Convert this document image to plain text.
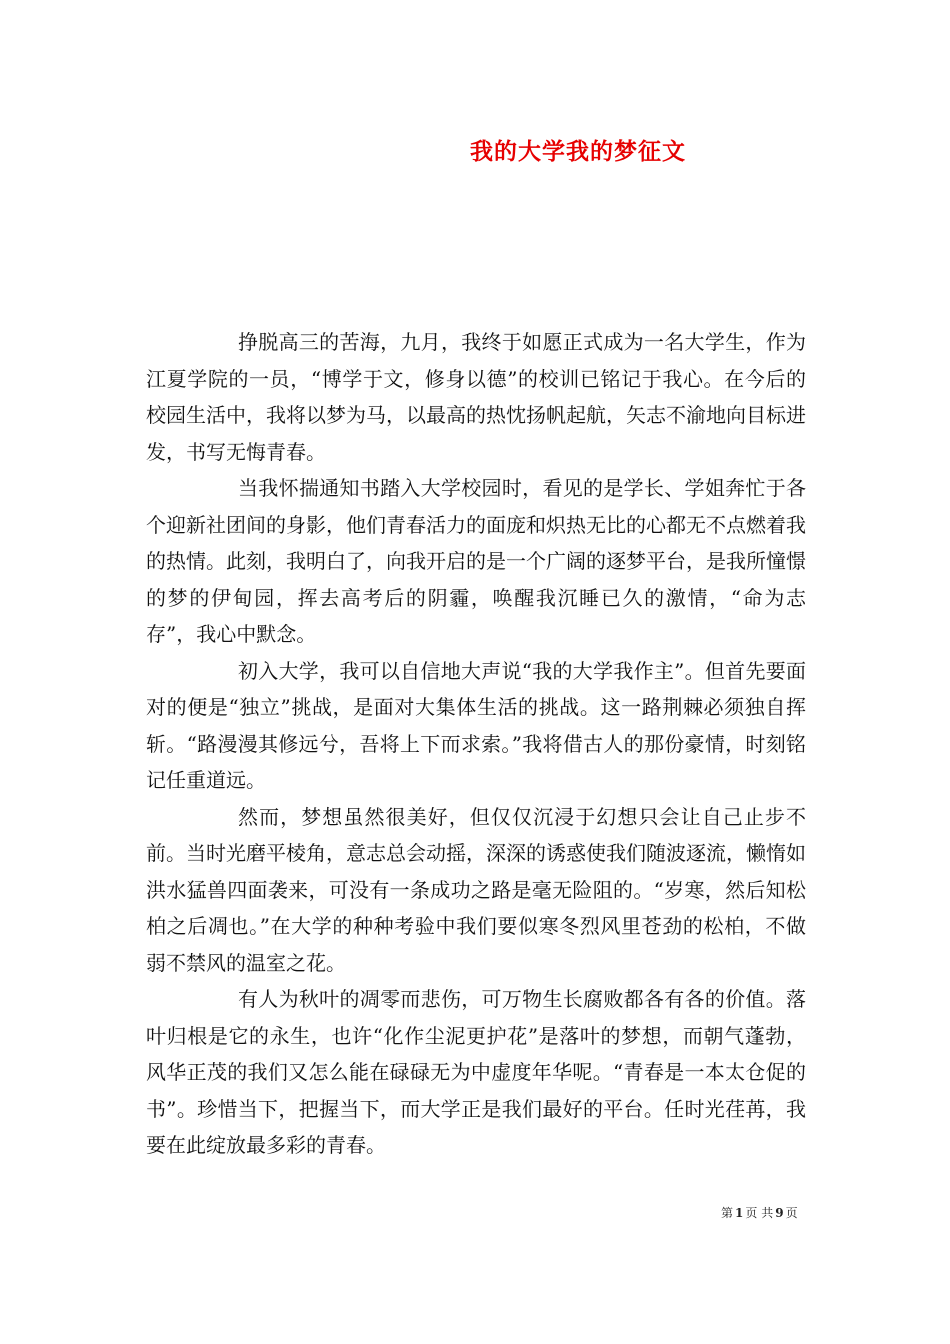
我的大学我的梦征文

挣脱高三的苦海，九月，我终于如愿正式成为一名大学生，作为江夏学院的一员，“博学于文，修身以德”的校训已铭记于我心。在今后的校园生活中，我将以梦为马，以最高的热忱扬帆起航，矢志不渝地向目标进发，书写无悔青春。

当我怀揣通知书踏入大学校园时，看见的是学长、学姐奔忙于各个迎新社团间的身影，他们青春活力的面庞和炽热无比的心都无不点燃着我的热情。此刻，我明白了，向我开启的是一个广阔的逐梦平台，是我所憧憬的梦的伊甸园，挥去高考后的阴霾，唤醒我沉睡已久的激情，“命为志存”，我心中默念。

初入大学，我可以自信地大声说“我的大学我作主”。但首先要面对的便是“独立”挑战，是面对大集体生活的挑战。这一路荆棘必须独自挥斩。“路漫漫其修远兮，吾将上下而求索。”我将借古人的那份豪情，时刻铭记任重道远。

然而，梦想虽然很美好，但仅仅沉浸于幻想只会让自己止步不前。当时光磨平棱角，意志总会动摇，深深的诱惑使我们随波逐流，懒惰如洪水猛兽四面袭来，可没有一条成功之路是毫无险阻的。“岁寒，然后知松柏之后凋也。”在大学的种种考验中我们要似寒冬烈风里苍劲的松柏，不做弱不禁风的温室之花。

有人为秋叶的凋零而悲伤，可万物生长腐败都各有各的价值。落叶归根是它的永生，也许“化作尘泥更护花”是落叶的梦想，而朝气蓬勃，风华正茂的我们又怎么能在碌碌无为中虚度年华呢。“青春是一本太仓促的书”。珍惜当下，把握当下，而大学正是我们最好的平台。任时光荏苒，我要在此绽放最多彩的青春。

第 1 页 共 9 页
